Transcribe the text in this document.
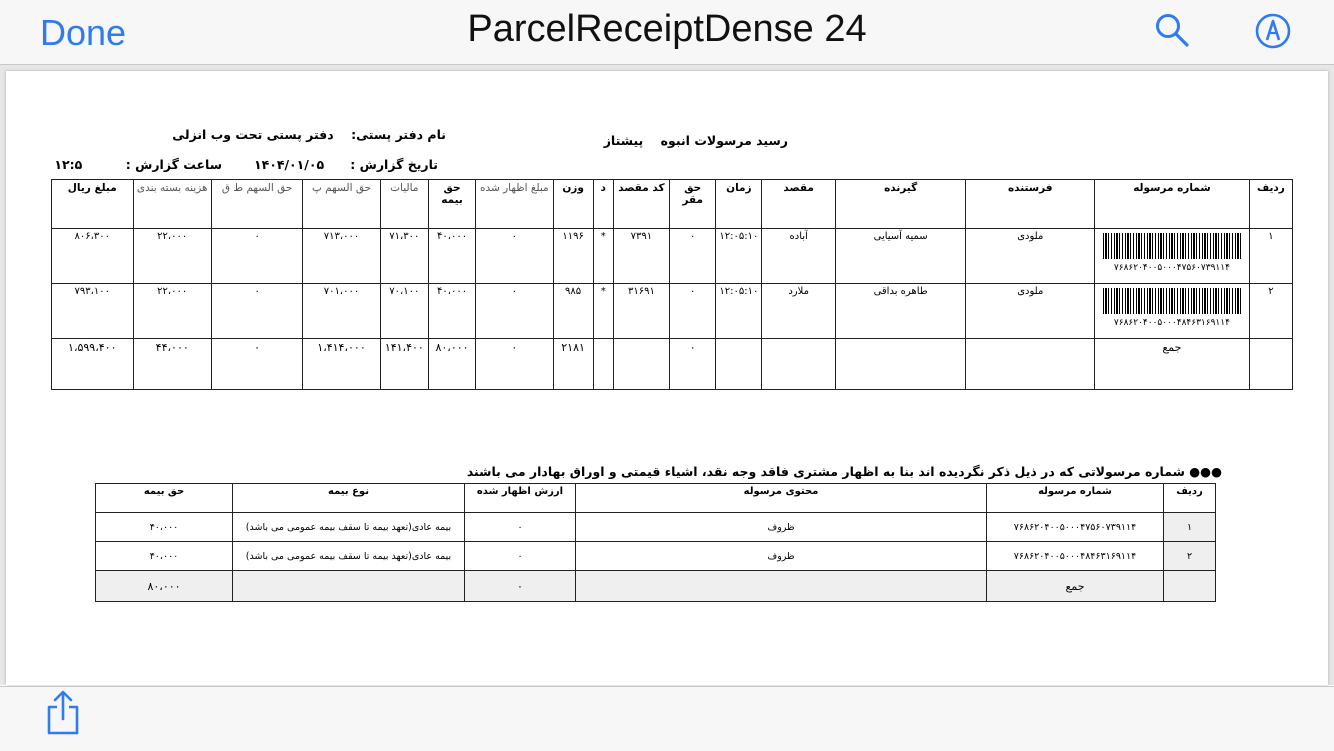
Done	ParcelReceiptDense 24
رسید مرسولات انبوه    پیشتاز
نام دفتر پستی:    دفتر پستی تحت وب انزلی
تاریخ گزارش :      ۱۴۰۴/۰۱/۰۵
ساعت گزارش :          ۱۲:۵
ردیف	شماره مرسوله	فرستنده	گیرنده	مقصد	زمان	حق مقر	کد مقصد	د	وزن	مبلغ اظهار شده	حق بیمه	مالیات	حق السهم پ	حق السهم ط ق	هزینه بسته بندی	مبلغ ریال
۱	۷۶۸۶۲۰۴۰۰۵۰۰۰۴۷۵۶۰۷۳۹۱۱۴	ملودی	سمیه آسیایی	آباده	۱۲:۰۵:۱۰	۰	۷۳۹۱	*	۱۱۹۶	۰	۴۰،۰۰۰	۷۱،۳۰۰	۷۱۳،۰۰۰	۰	۲۲،۰۰۰	۸۰۶،۳۰۰
۲	۷۶۸۶۲۰۴۰۰۵۰۰۰۴۸۴۶۳۱۶۹۱۱۴	ملودی	طاهره بداقی	ملارد	۱۲:۰۵:۱۰	۰	۳۱۶۹۱	*	۹۸۵	۰	۴۰،۰۰۰	۷۰،۱۰۰	۷۰۱،۰۰۰	۰	۲۲،۰۰۰	۷۹۳،۱۰۰
	جمع					۰			۲۱۸۱	۰	۸۰،۰۰۰	۱۴۱،۴۰۰	۱،۴۱۴،۰۰۰	۰	۴۴،۰۰۰	۱،۵۹۹،۴۰۰
●●● شماره مرسولاتی که در ذیل ذکر نگردیده اند بنا به اظهار مشتری فاقد وجه نقد، اشیاء قیمتی و اوراق بهادار می باشند
ردیف	شماره مرسوله	محتوی مرسوله	ارزش اظهار شده	نوع بیمه	حق بیمه
۱	۷۶۸۶۲۰۴۰۰۵۰۰۰۴۷۵۶۰۷۳۹۱۱۴	ظروف	۰	بیمه عادی(تعهد بیمه تا سقف بیمه عمومی می باشد)	۴۰،۰۰۰
۲	۷۶۸۶۲۰۴۰۰۵۰۰۰۴۸۴۶۳۱۶۹۱۱۴	ظروف	۰	بیمه عادی(تعهد بیمه تا سقف بیمه عمومی می باشد)	۴۰،۰۰۰
	جمع		۰		۸۰،۰۰۰
